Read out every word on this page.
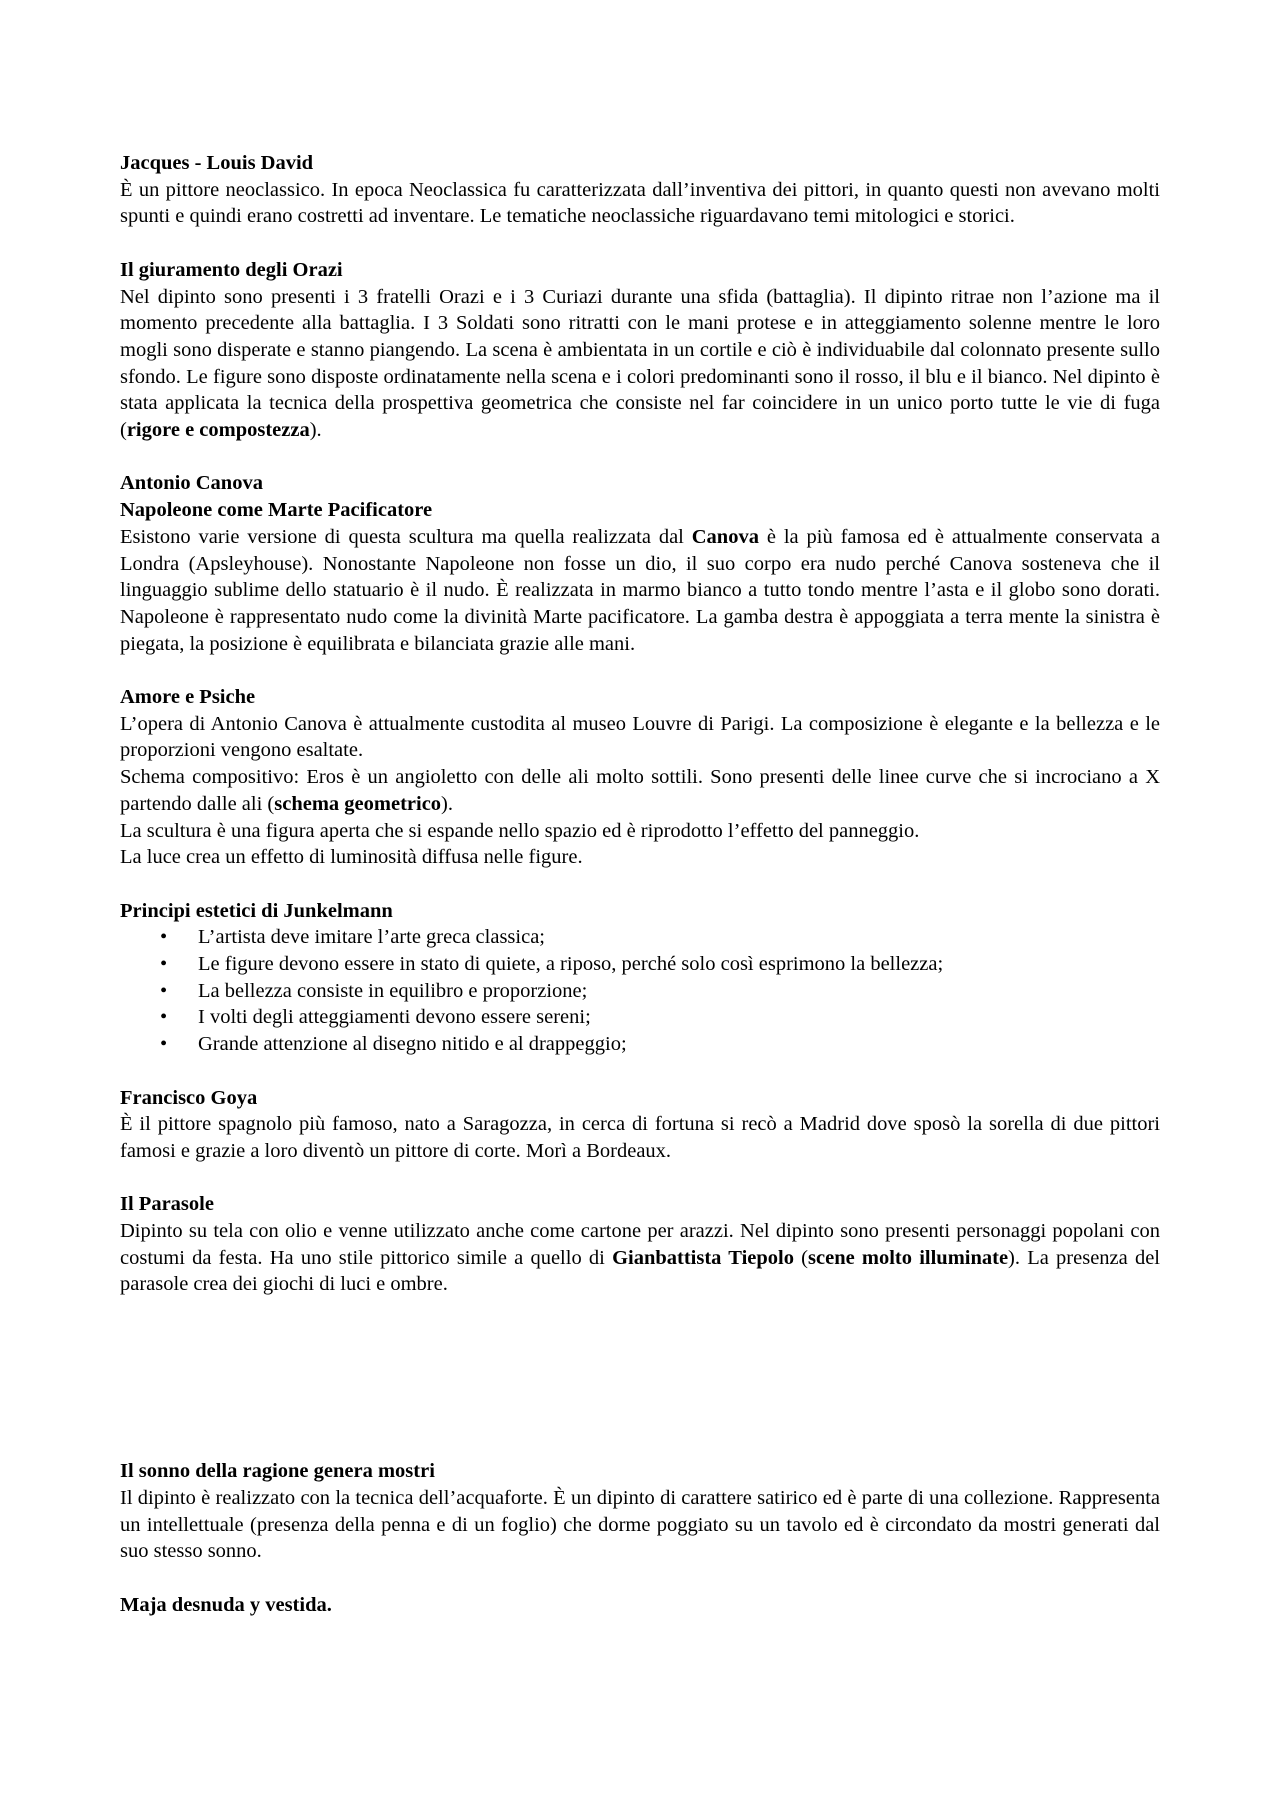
Jacques - Louis David

È un pittore neoclassico. In epoca Neoclassica fu caratterizzata dall’inventiva dei pittori, in quanto questi non avevano molti spunti e quindi erano costretti ad inventare. Le tematiche neoclassiche riguardavano temi mitologici e storici.

Il giuramento degli Orazi

Nel dipinto sono presenti i 3 fratelli Orazi e i 3 Curiazi durante una sfida (battaglia). Il dipinto ritrae non l’azione ma il momento precedente alla battaglia. I 3 Soldati sono ritratti con le mani protese e in atteggiamento solenne mentre le loro mogli sono disperate e stanno piangendo. La scena è ambientata in un cortile e ciò è individuabile dal colonnato presente sullo sfondo. Le figure sono disposte ordinatamente nella scena e i colori predominanti sono il rosso, il blu e il bianco. Nel dipinto è stata applicata la tecnica della prospettiva geometrica che consiste nel far coincidere in un unico porto tutte le vie di fuga (rigore e compostezza).

Antonio Canova

Napoleone come Marte Pacificatore

Esistono varie versione di questa scultura ma quella realizzata dal Canova è la più famosa ed è attualmente conservata a Londra (Apsleyhouse). Nonostante Napoleone non fosse un dio, il suo corpo era nudo perché Canova sosteneva che il linguaggio sublime dello statuario è il nudo. È realizzata in marmo bianco a tutto tondo mentre l’asta e il globo sono dorati. Napoleone è rappresentato nudo come la divinità Marte pacificatore. La gamba destra è appoggiata a terra mente la sinistra è piegata, la posizione è equilibrata e bilanciata grazie alle mani.

Amore e Psiche

L’opera di Antonio Canova è attualmente custodita al museo Louvre di Parigi. La composizione è elegante e la bellezza e le proporzioni vengono esaltate.

Schema compositivo: Eros è un angioletto con delle ali molto sottili. Sono presenti delle linee curve che si incrociano a X partendo dalle ali (schema geometrico).

La scultura è una figura aperta che si espande nello spazio ed è riprodotto l’effetto del panneggio.

La luce crea un effetto di luminosità diffusa nelle figure.

Principi estetici di Junkelmann

• L’artista deve imitare l’arte greca classica;
• Le figure devono essere in stato di quiete, a riposo, perché solo così esprimono la bellezza;
• La bellezza consiste in equilibro e proporzione;
• I volti degli atteggiamenti devono essere sereni;
• Grande attenzione al disegno nitido e al drappeggio;

Francisco Goya

È il pittore spagnolo più famoso, nato a Saragozza, in cerca di fortuna si recò a Madrid dove sposò la sorella di due pittori famosi e grazie a loro diventò un pittore di corte. Morì a Bordeaux.

Il Parasole

Dipinto su tela con olio e venne utilizzato anche come cartone per arazzi. Nel dipinto sono presenti personaggi popolani con costumi da festa. Ha uno stile pittorico simile a quello di Gianbattista Tiepolo (scene molto illuminate). La presenza del parasole crea dei giochi di luci e ombre.

Il sonno della ragione genera mostri

Il dipinto è realizzato con la tecnica dell’acquaforte. È un dipinto di carattere satirico ed è parte di una collezione. Rappresenta un intellettuale (presenza della penna e di un foglio) che dorme poggiato su un tavolo ed è circondato da mostri generati dal suo stesso sonno.

Maja desnuda y vestida.
